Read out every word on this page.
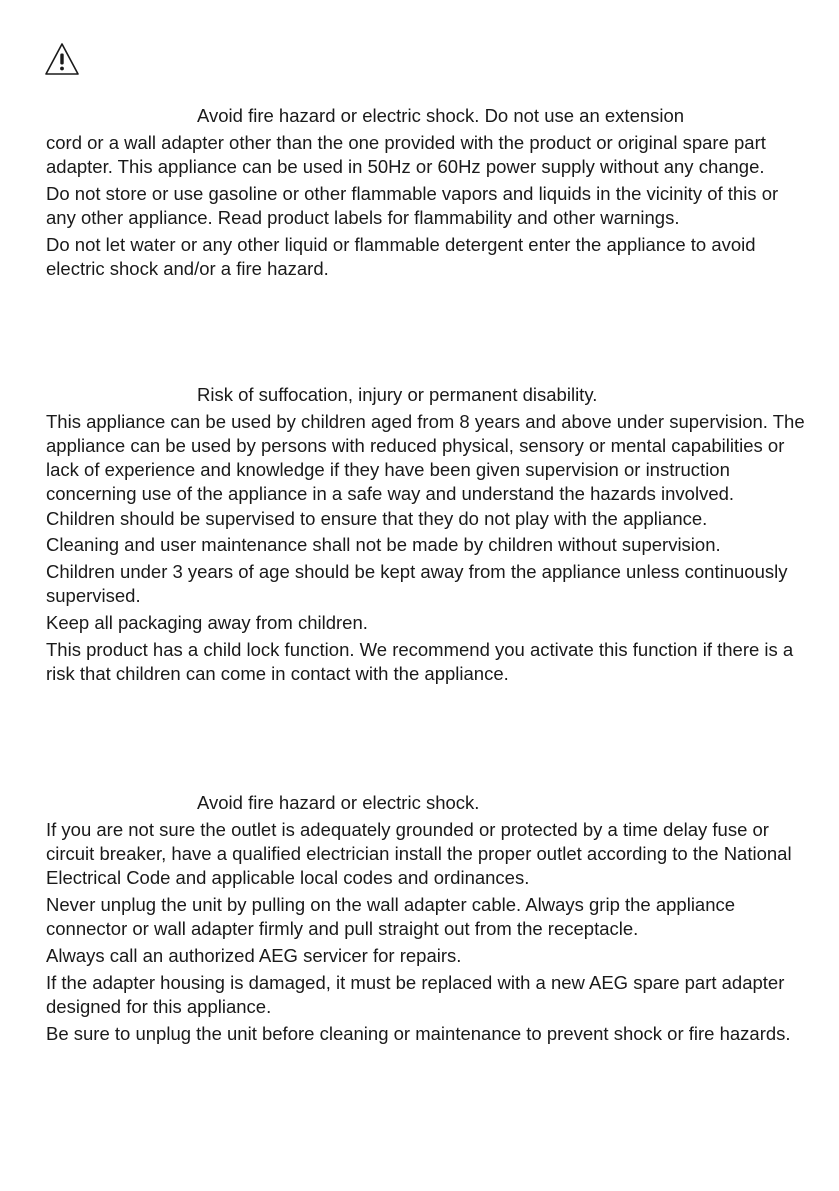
Avoid fire hazard or electric shock. Do not use an extension

cord or a wall adapter other than the one provided with the product or original spare part adapter. This appliance can be used in 50Hz or 60Hz power supply without any change.

Do not store or use gasoline or other flammable vapors and liquids in the vicinity of this or any other appliance. Read product labels for flammability and other warnings.

Do not let water or any other liquid or flammable detergent enter the appliance to avoid electric shock and/or a fire hazard.

Risk of suffocation, injury or permanent disability.

This appliance can be used by children aged from 8 years and above under supervision. The appliance can be used by persons with reduced physical, sensory or mental capabilities or lack of experience and knowledge if they have been given supervision or instruction concerning use of the appliance in a safe way and understand the hazards involved. Children should be supervised to ensure that they do not play with the appliance.

Cleaning and user maintenance shall not be made by children without supervision.

Children under 3 years of age should be kept away from the appliance unless continuously supervised.

Keep all packaging away from children.

This product has a child lock function. We recommend you activate this function if there is a risk that children can come in contact with the appliance.

Avoid fire hazard or electric shock.

If you are not sure the outlet is adequately grounded or protected by a time delay fuse or circuit breaker, have a qualified electrician install the proper outlet according to the National Electrical Code and applicable local codes and ordinances.

Never unplug the unit by pulling on the wall adapter cable. Always grip the appliance connector or wall adapter firmly and pull straight out from the receptacle.

Always call an authorized AEG servicer for repairs.

If the adapter housing is damaged, it must be replaced with a new AEG spare part adapter designed for this appliance.

Be sure to unplug the unit before cleaning or maintenance to prevent shock or fire hazards.
